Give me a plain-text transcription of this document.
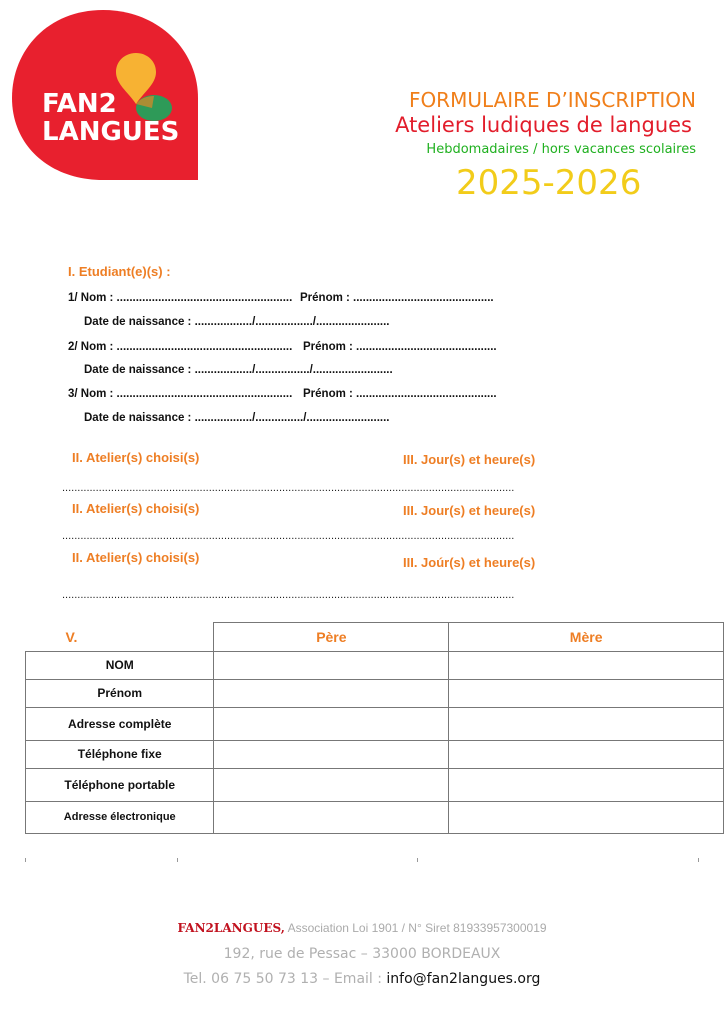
FAN2
LANGUES
FORMULAIRE D’INSCRIPTION
Ateliers ludiques de langues
Hebdomadaires / hors vacances scolaires
2025-2026
I. Etudiant(e)(s) :
1/ Nom : ....................................................... Prénom : ............................................
Date de naissance : ................../................../.......................
2/ Nom : ....................................................... Prénom : ............................................
Date de naissance : ................../................./.........................
3/ Nom : ....................................................... Prénom : ............................................
Date de naissance : ................../.............../..........................
II. Atelier(s) choisi(s)	III. Jour(s) et heure(s)
....................................................................................................................................................
II. Atelier(s) choisi(s)	III. Jour(s) et heure(s)
....................................................................................................................................................
II. Atelier(s) choisi(s)	III. Joúr(s) et heure(s)
....................................................................................................................................................
V.	Père	Mère
NOM		
Prénom		
Adresse complète		
Téléphone fixe		
Téléphone portable		
Adresse électronique		
FAN2LANGUES, Association Loi 1901 / N° Siret 81933957300019
192, rue de Pessac – 33000 BORDEAUX
Tel. 06 75 50 73 13 – Email : info@fan2langues.org
